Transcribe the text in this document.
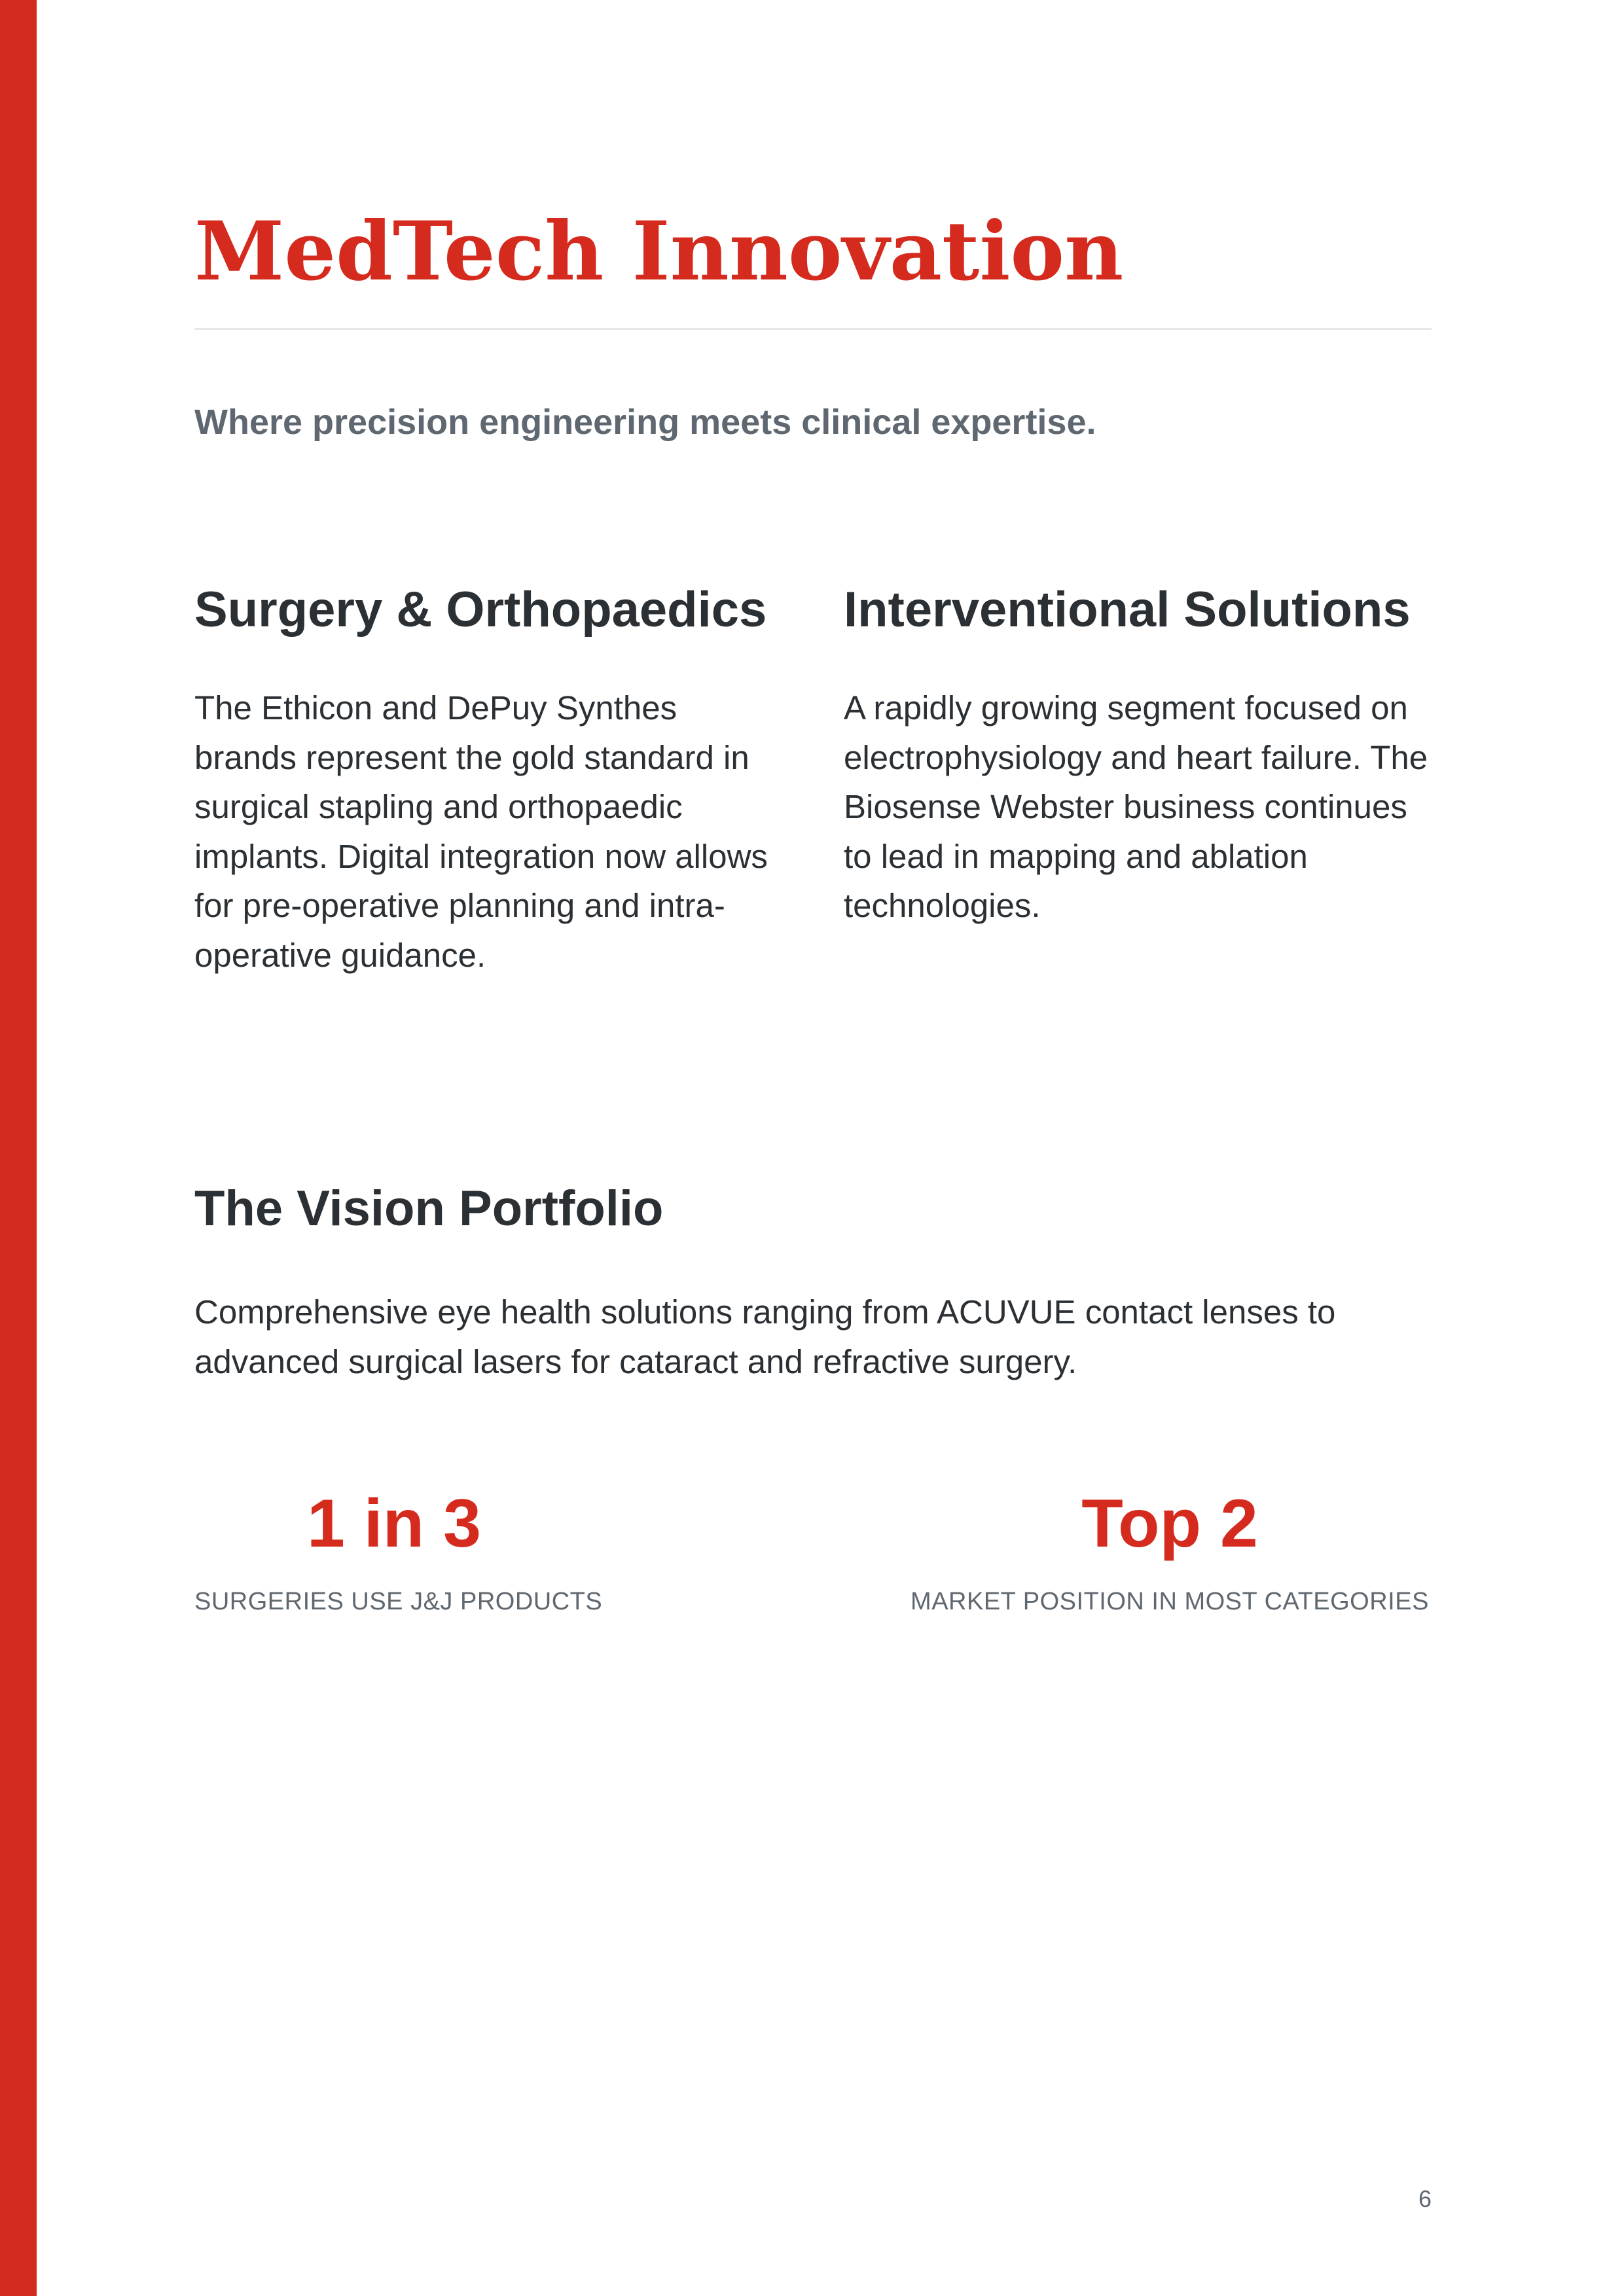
MedTech Innovation

Where precision engineering meets clinical expertise.

Surgery & Orthopaedics

The Ethicon and DePuy Synthes brands represent the gold standard in surgical stapling and orthopaedic implants. Digital integration now allows for pre-operative planning and intra-operative guidance.

Interventional Solutions

A rapidly growing segment focused on electrophysiology and heart failure. The Biosense Webster business continues to lead in mapping and ablation technologies.

The Vision Portfolio

Comprehensive eye health solutions ranging from ACUVUE contact lenses to advanced surgical lasers for cataract and refractive surgery.

1 in 3
SURGERIES USE J&J PRODUCTS
Top 2
MARKET POSITION IN MOST CATEGORIES
6
